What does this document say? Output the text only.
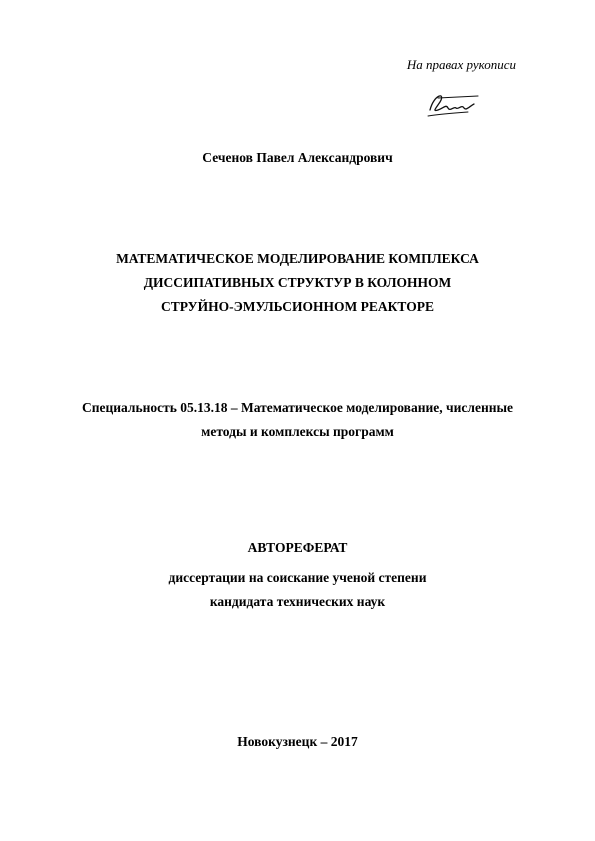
На правах рукописи
Сеченов Павел Александрович
МАТЕМАТИЧЕСКОЕ МОДЕЛИРОВАНИЕ КОМПЛЕКСА
ДИССИПАТИВНЫХ СТРУКТУР В КОЛОННОМ
СТРУЙНО-ЭМУЛЬСИОННОМ РЕАКТОРЕ
Специальность 05.13.18 – Математическое моделирование, численные
методы и комплексы программ
АВТОРЕФЕРАТ
диссертации на соискание ученой степени
кандидата технических наук
Новокузнецк – 2017
